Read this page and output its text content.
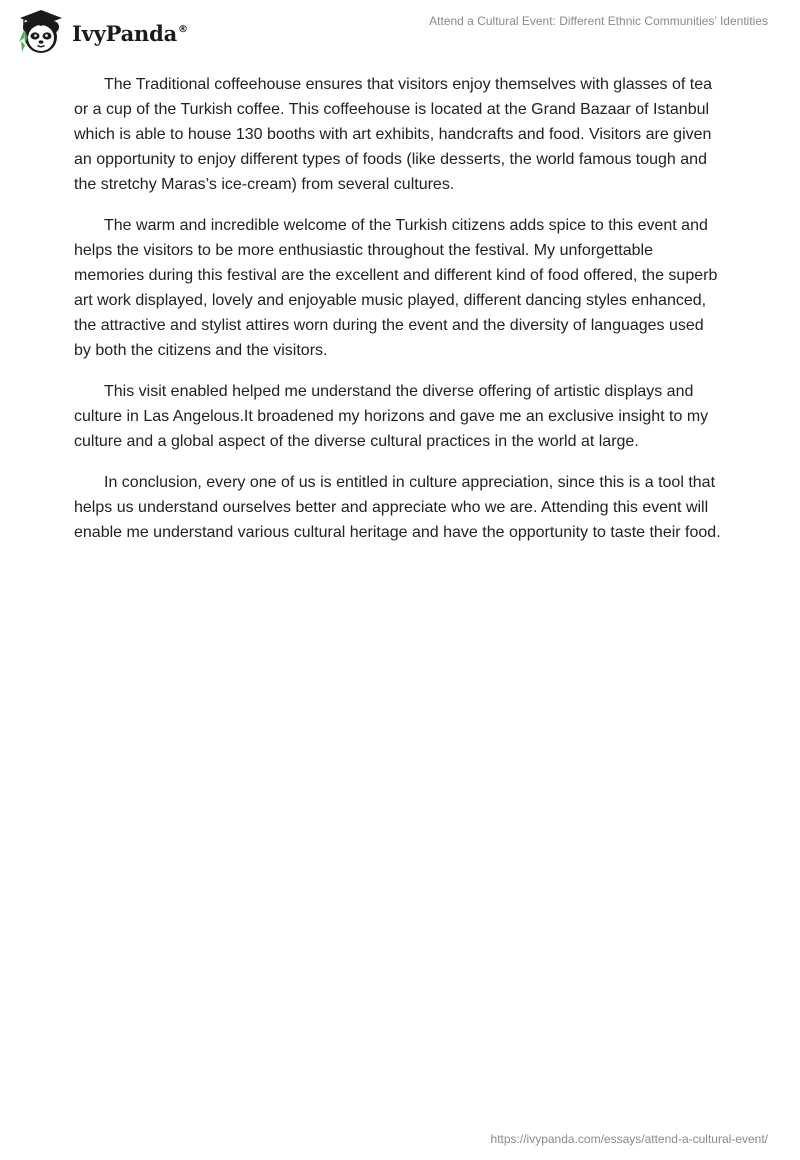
IvyPanda®
Attend a Cultural Event: Different Ethnic Communities’ Identities

The Traditional coffeehouse ensures that visitors enjoy themselves with glasses of tea or a cup of the Turkish coffee. This coffeehouse is located at the Grand Bazaar of Istanbul which is able to house 130 booths with art exhibits, handcrafts and food. Visitors are given an opportunity to enjoy different types of foods (like desserts, the world famous tough and the stretchy Maras’s ice-cream) from several cultures.

The warm and incredible welcome of the Turkish citizens adds spice to this event and helps the visitors to be more enthusiastic throughout the festival. My unforgettable memories during this festival are the excellent and different kind of food offered, the superb art work displayed, lovely and enjoyable music played, different dancing styles enhanced, the attractive and stylist attires worn during the event and the diversity of languages used by both the citizens and the visitors.

This visit enabled helped me understand the diverse offering of artistic displays and culture in Las Angelous.It broadened my horizons and gave me an exclusive insight to my culture and a global aspect of the diverse cultural practices in the world at large.

In conclusion, every one of us is entitled in culture appreciation, since this is a tool that helps us understand ourselves better and appreciate who we are. Attending this event will enable me understand various cultural heritage and have the opportunity to taste their food.

https://ivypanda.com/essays/attend-a-cultural-event/
